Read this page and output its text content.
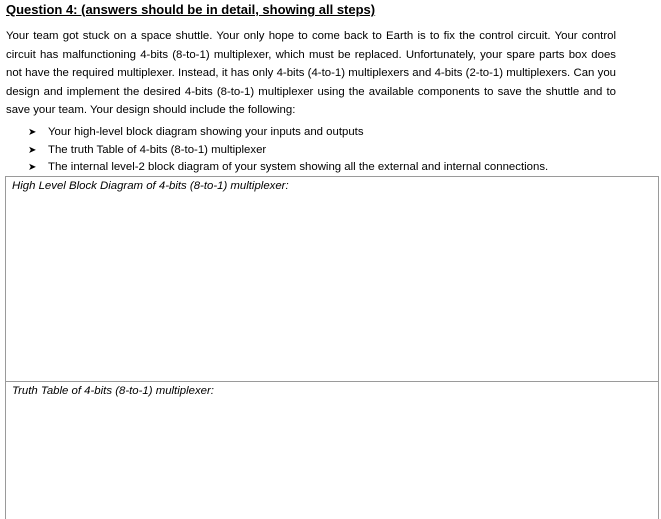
Question 4: (answers should be in detail, showing all steps)

Your team got stuck on a space shuttle. Your only hope to come back to Earth is to fix the control circuit. Your control circuit has malfunctioning 4-bits (8-to-1) multiplexer, which must be replaced. Unfortunately, your spare parts box does not have the required multiplexer. Instead, it has only 4-bits (4-to-1) multiplexers and 4-bits (2-to-1) multiplexers. Can you design and implement the desired 4-bits (8-to-1) multiplexer using the available components to save the shuttle and to save your team. Your design should include the following:

➤	Your high-level block diagram showing your inputs and outputs
➤	The truth Table of 4-bits (8-to-1) multiplexer
➤	The internal level-2 block diagram of your system showing all the external and internal connections.
High Level Block Diagram of 4-bits (8-to-1) multiplexer:
Truth Table of 4-bits (8-to-1) multiplexer:
